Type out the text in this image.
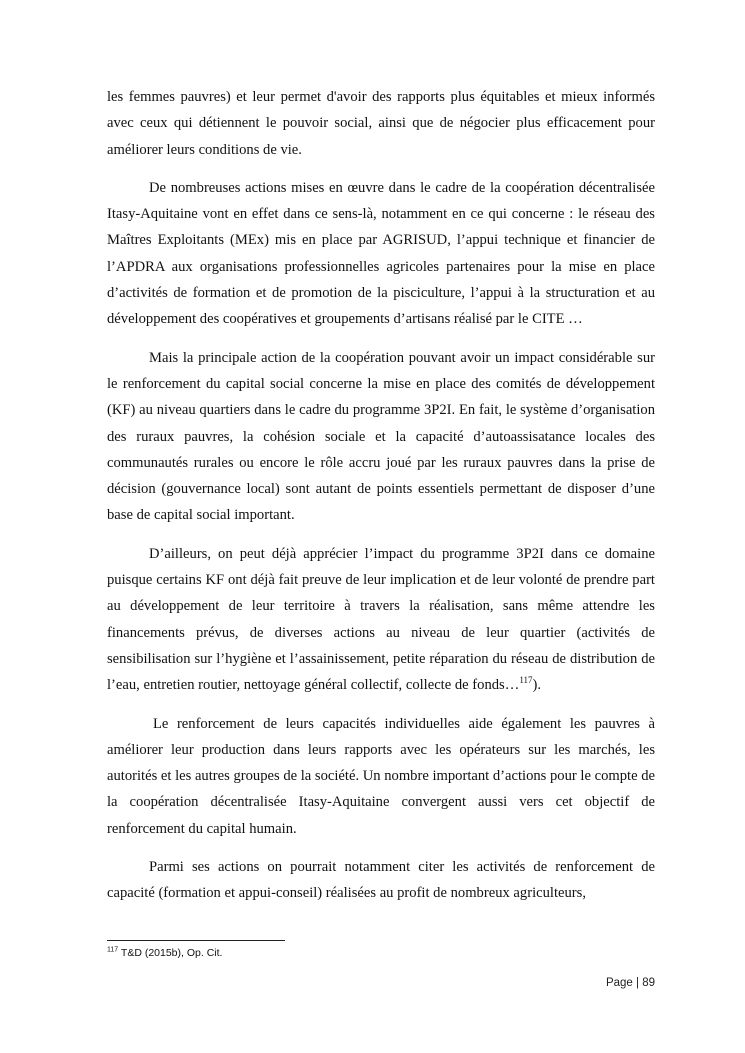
les femmes pauvres) et leur permet d'avoir des rapports plus équitables et mieux informés avec ceux qui détiennent le pouvoir social, ainsi que de négocier plus efficacement pour améliorer leurs conditions de vie.

De nombreuses actions mises en œuvre dans le cadre de la coopération décentralisée Itasy-Aquitaine vont en effet dans ce sens-là, notamment en ce qui concerne : le réseau des Maîtres Exploitants (MEx) mis en place par AGRISUD, l’appui technique et financier de l’APDRA aux organisations professionnelles agricoles partenaires pour la mise en place d’activités de formation et de promotion de la pisciculture, l’appui à la structuration et au développement des coopératives et groupements d’artisans réalisé par le CITE …

Mais la principale action de la coopération pouvant avoir un impact considérable sur le renforcement du capital social concerne la mise en place des comités de développement (KF) au niveau quartiers dans le cadre du programme 3P2I. En fait, le système d’organisation des ruraux pauvres, la cohésion sociale et la capacité d’autoassisatance locales des communautés rurales ou encore le rôle accru joué par les ruraux pauvres dans la prise de décision (gouvernance local) sont autant de points essentiels permettant de disposer d’une base de capital social important.

D’ailleurs, on peut déjà apprécier l’impact du programme 3P2I dans ce domaine puisque certains KF ont déjà fait preuve de leur implication et de leur volonté de prendre part au développement de leur territoire à travers la réalisation, sans même attendre les financements prévus, de diverses actions au niveau de leur quartier (activités de sensibilisation sur l’hygiène et l’assainissement, petite réparation du réseau de distribution de l’eau, entretien routier, nettoyage général collectif, collecte de fonds…$^{117}$).

Le renforcement de leurs capacités individuelles aide également les pauvres à améliorer leur production dans leurs rapports avec les opérateurs sur les marchés, les autorités et les autres groupes de la société. Un nombre important d’actions pour le compte de la coopération décentralisée Itasy-Aquitaine convergent aussi vers cet objectif de renforcement du capital humain.

Parmi ses actions on pourrait notamment citer les activités de renforcement de capacité (formation et appui-conseil) réalisées au profit de nombreux agriculteurs,

$^{117}$ T&D (2015b), Op. Cit.

Page | 89
